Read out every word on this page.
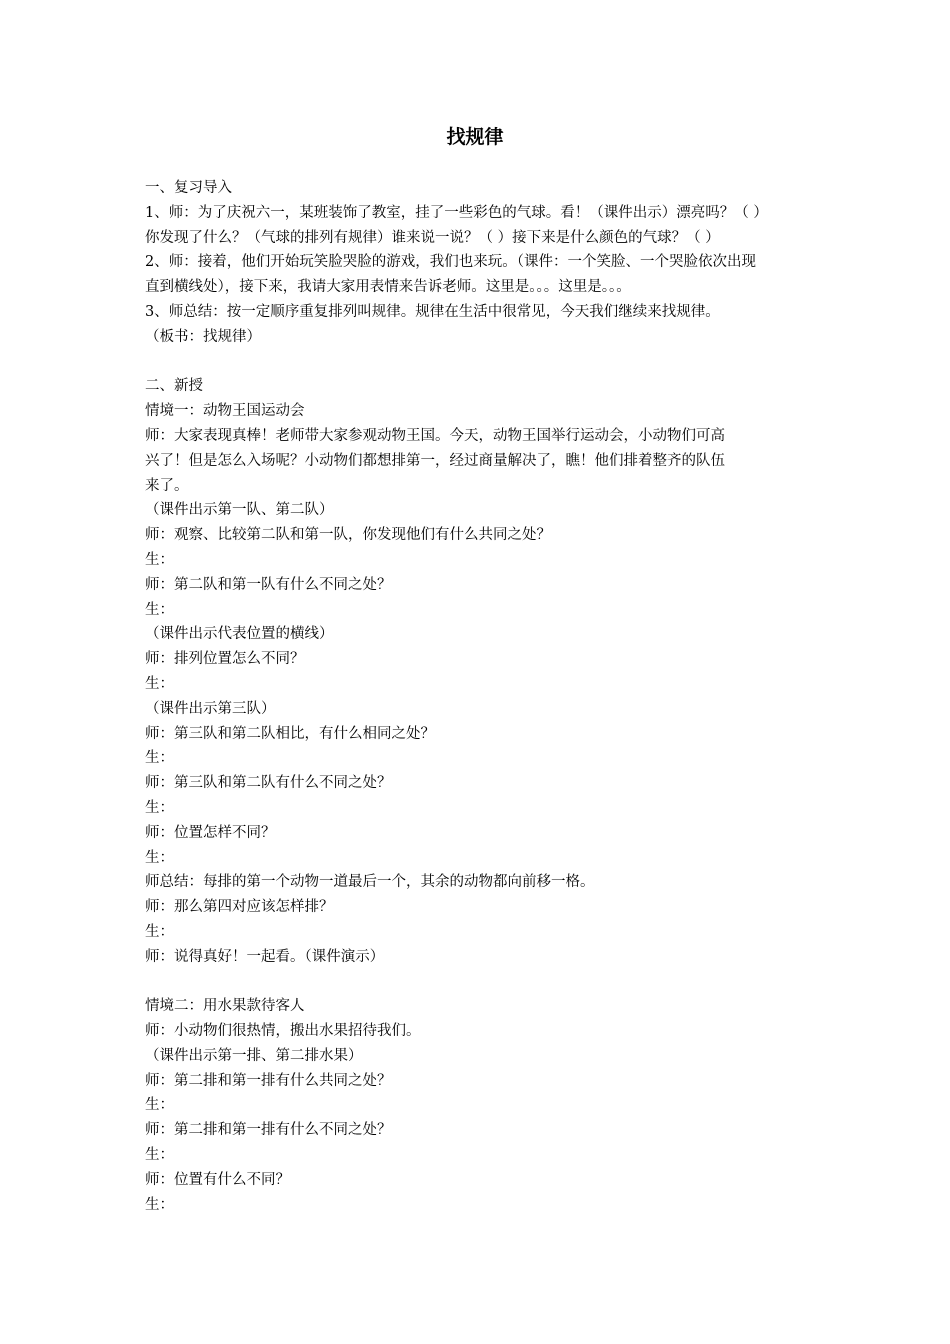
找规律
一、复习导入
1、师：为了庆祝六一，某班装饰了教室，挂了一些彩色的气球。看！（课件出示）漂亮吗？（ ）
你发现了什么？（气球的排列有规律）谁来说一说？（ ）接下来是什么颜色的气球？（ ）
2、师：接着，他们开始玩笑脸哭脸的游戏，我们也来玩。（课件：一个笑脸、一个哭脸依次出现
直到横线处），接下来，我请大家用表情来告诉老师。这里是。。。这里是。。。
3、师总结：按一定顺序重复排列叫规律。规律在生活中很常见，今天我们继续来找规律。
（板书：找规律）
二、新授
情境一：动物王国运动会
师：大家表现真棒！老师带大家参观动物王国。今天，动物王国举行运动会，小动物们可高
兴了！但是怎么入场呢？小动物们都想排第一，经过商量解决了，瞧！他们排着整齐的队伍
来了。
（课件出示第一队、第二队）
师：观察、比较第二队和第一队，你发现他们有什么共同之处？
生：
师：第二队和第一队有什么不同之处？
生：
（课件出示代表位置的横线）
师：排列位置怎么不同？
生：
（课件出示第三队）
师：第三队和第二队相比，有什么相同之处？
生：
师：第三队和第二队有什么不同之处？
生：
师：位置怎样不同？
生：
师总结：每排的第一个动物一道最后一个，其余的动物都向前移一格。
师：那么第四对应该怎样排？
生：
师：说得真好！一起看。（课件演示）
情境二：用水果款待客人
师：小动物们很热情，搬出水果招待我们。
（课件出示第一排、第二排水果）
师：第二排和第一排有什么共同之处？
生：
师：第二排和第一排有什么不同之处？
生：
师：位置有什么不同？
生：
